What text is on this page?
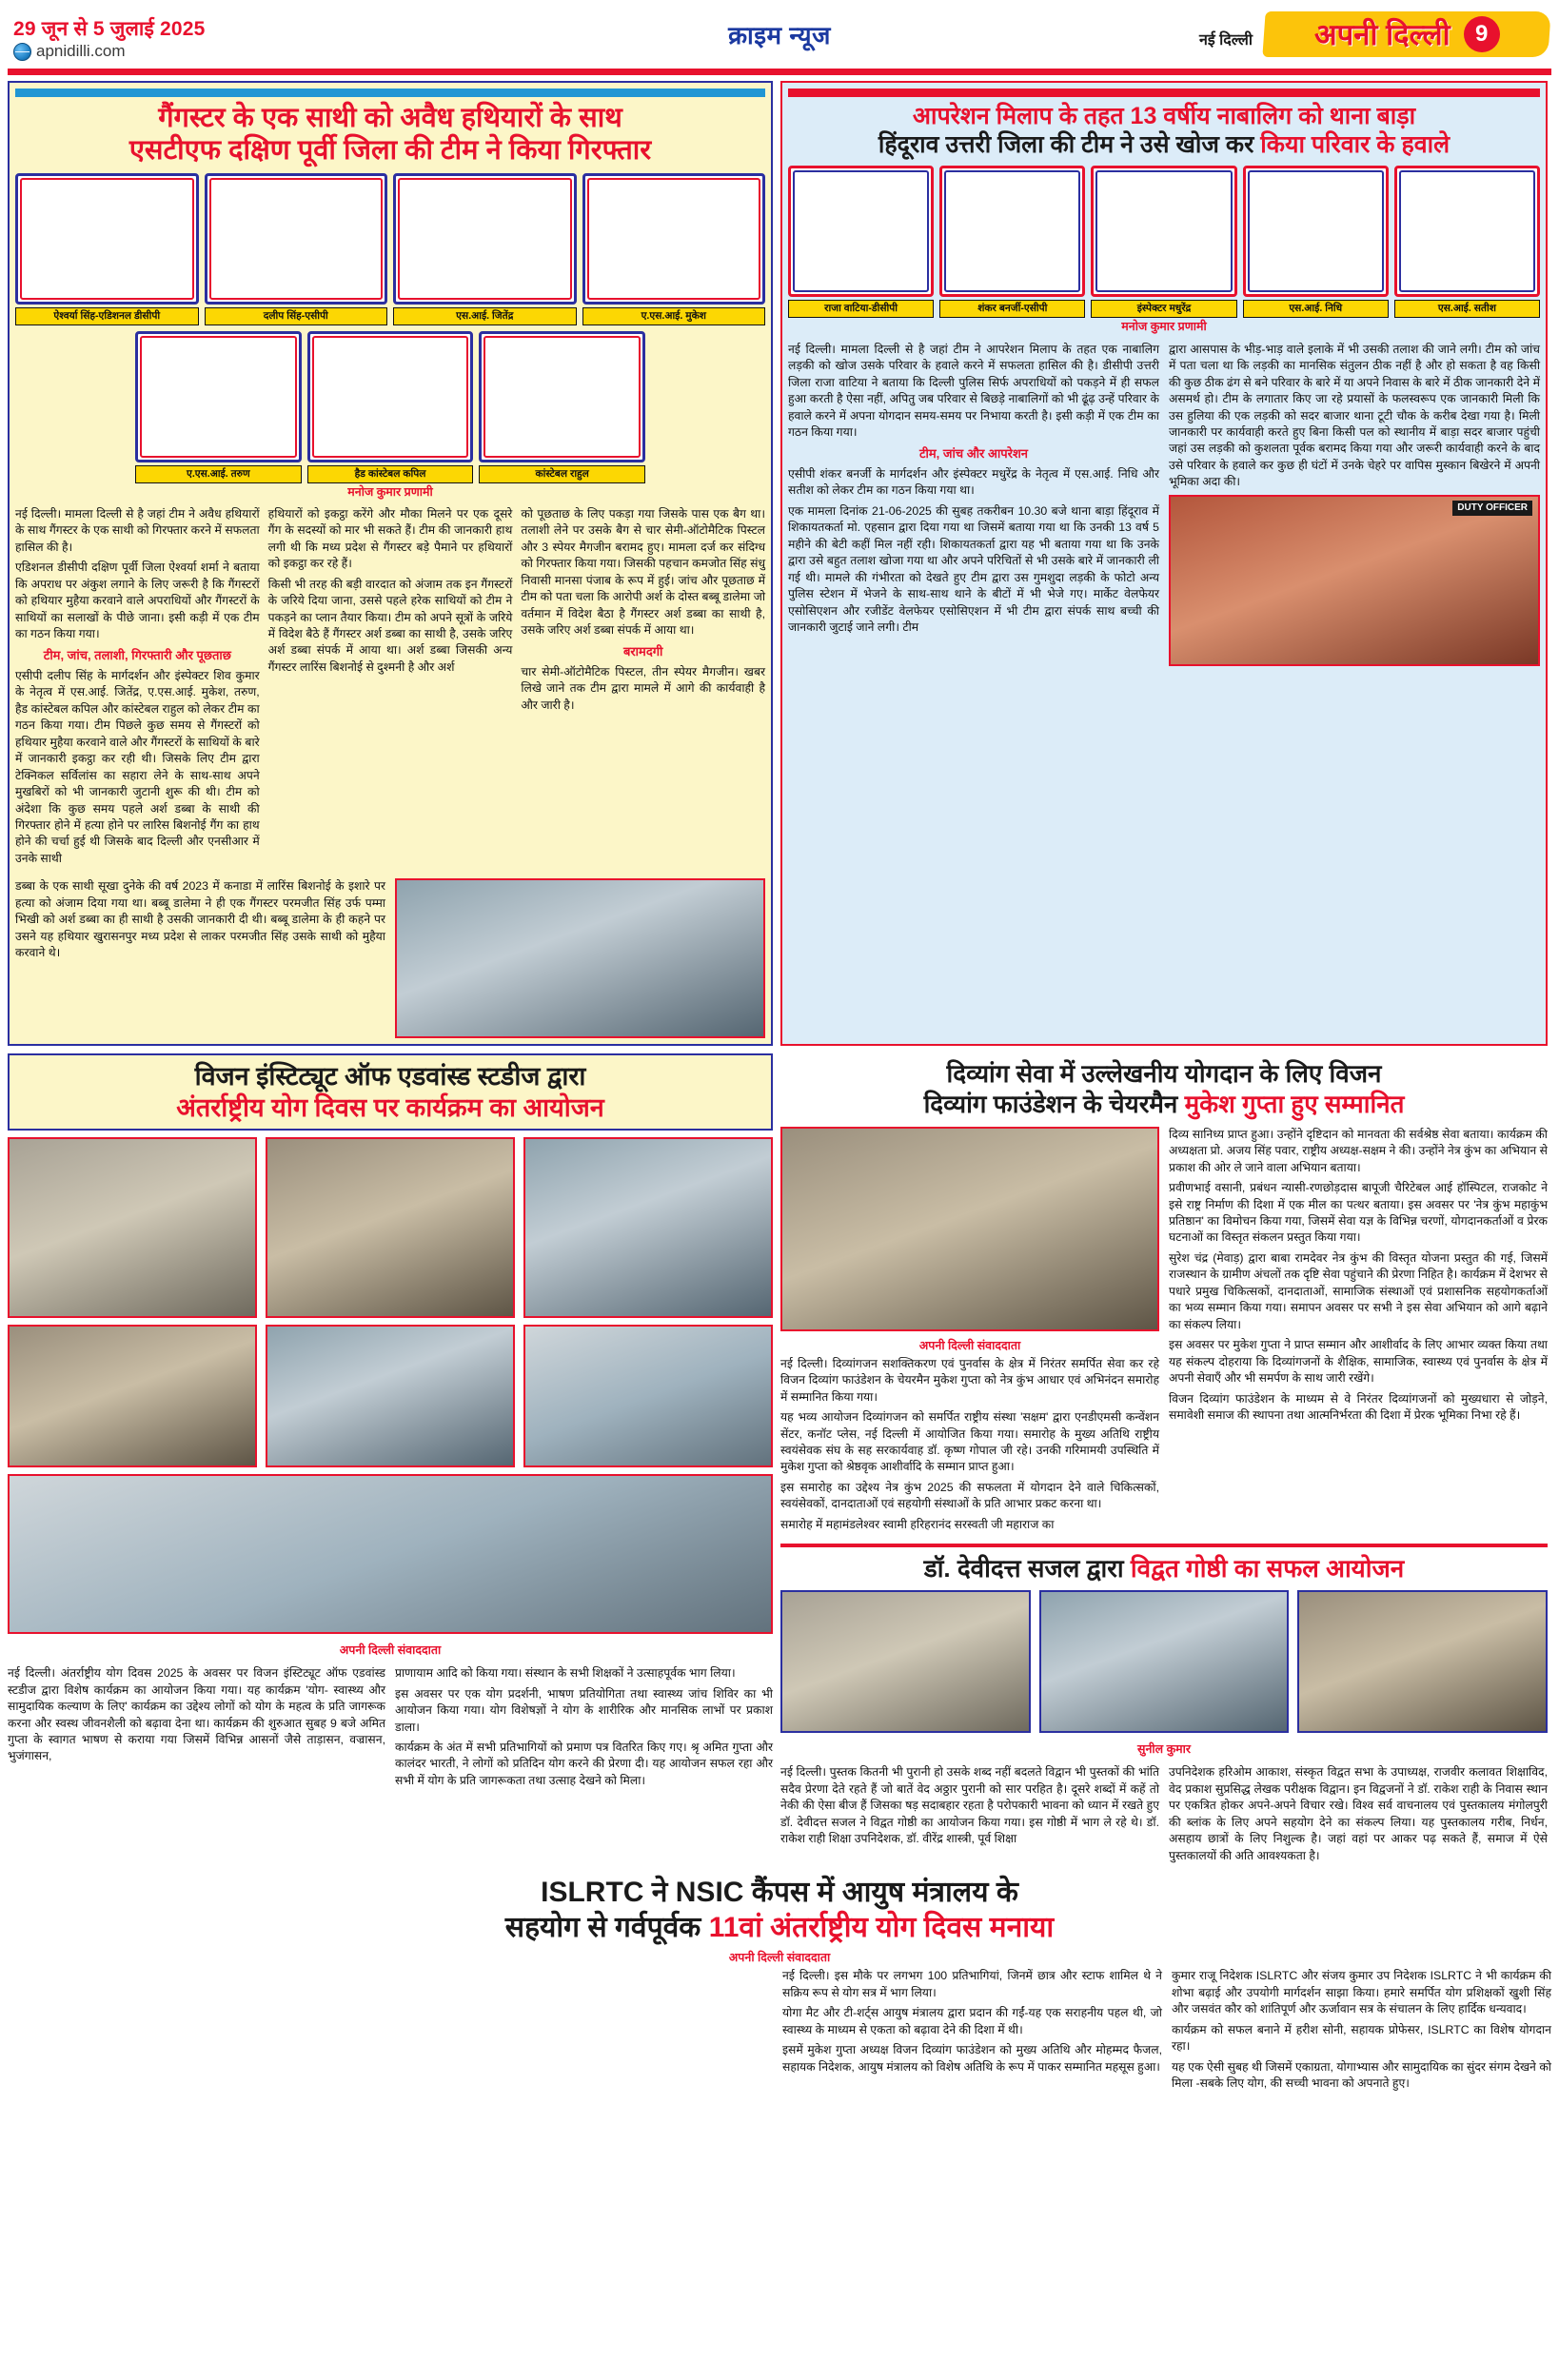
29 जून से 5 जुलाई 2025
apnidilli.com
क्राइम न्यूज	नई दिल्ली अपनी दिल्ली	9
गैंगस्टर के एक साथी को अवैध हथियारों के साथ
एसटीएफ दक्षिण पूर्वी जिला की टीम ने किया गिरफ्तार
ऐश्वर्या सिंह-एडिशनल डीसीपी	दलीप सिंह-एसीपी	एस.आई. जितेंद्र	ए.एस.आई. मुकेश
ए.एस.आई. तरुण	हैड कांस्टेबल कपिल	कांस्टेबल राहुल
मनोज कुमार प्रणामी

नई दिल्ली। मामला दिल्ली से है जहां टीम ने अवैध हथियारों के साथ गैंगस्टर के एक साथी को गिरफ्तार करने में सफलता हासिल की है।

एडिशनल डीसीपी दक्षिण पूर्वी जिला ऐश्वर्या शर्मा ने बताया कि अपराध पर अंकुश लगाने के लिए जरूरी है कि गैंगस्टरों को हथियार मुहैया करवाने वाले अपराधियों और गैंगस्टरों के साथियों का सलाखों के पीछे जाना। इसी कड़ी में एक टीम का गठन किया गया।

टीम, जांच, तलाशी, गिरफ्तारी और पूछताछ

एसीपी दलीप सिंह के मार्गदर्शन और इंस्पेक्टर शिव कुमार के नेतृत्व में एस.आई. जितेंद्र, ए.एस.आई. मुकेश, तरुण, हैड कांस्टेबल कपिल और कांस्टेबल राहुल को लेकर टीम का गठन किया गया। टीम पिछले कुछ समय से गैंगस्टरों को हथियार मुहैया करवाने वाले और गैंगस्टरों के साथियों के बारे में जानकारी इकट्ठा कर रही थी। जिसके लिए टीम द्वारा टेक्निकल सर्विलांस का सहारा लेने के साथ-साथ अपने मुखबिरों को भी जानकारी जुटानी शुरू की थी। टीम को अंदेशा कि कुछ समय पहले अर्श डब्बा के साथी की गिरफ्तार होने में हत्या होने पर लारिस बिशनोई गैंग का हाथ होने की चर्चा हुई थी जिसके बाद दिल्ली और एनसीआर में उनके साथी

हथियारों को इकट्ठा करेंगे और मौका मिलने पर एक दूसरे गैंग के सदस्यों को मार भी सकते हैं। टीम की जानकारी हाथ लगी थी कि मध्य प्रदेश से गैंगस्टर बड़े पैमाने पर हथियारों को इकट्ठा कर रहे हैं।

किसी भी तरह की बड़ी वारदात को अंजाम तक इन गैंगस्टरों के जरिये दिया जाना, उससे पहले हरेक साथियों को टीम ने पकड़ने का प्लान तैयार किया। टीम को अपने सूत्रों के जरिये में विदेश बैठे हैं गैंगस्टर अर्श डब्बा का साथी है, उसके जरिए अर्श डब्बा संपर्क में आया था। अर्श डब्बा जिसकी अन्य गैंगस्टर लारिंस बिशनोई से दुश्मनी है और अर्श

को पूछताछ के लिए पकड़ा गया जिसके पास एक बैग था। तलाशी लेने पर उसके बैग से चार सेमी-ऑटोमैटिक पिस्टल और 3 स्पेयर मैगजीन बरामद हुए। मामला दर्ज कर संदिग्ध को गिरफ्तार किया गया। जिसकी पहचान कमजोत सिंह संधु निवासी मानसा पंजाब के रूप में हुई। जांच और पूछताछ में टीम को पता चला कि आरोपी अर्श के दोस्त बब्बू डालेमा जो वर्तमान में विदेश बैठा है गैंगस्टर अर्श डब्बा का साथी है, उसके जरिए अर्श डब्बा संपर्क में आया था।

बरामदगी

चार सेमी-ऑटोमैटिक पिस्टल, तीन स्पेयर मैगजीन। खबर लिखे जाने तक टीम द्वारा मामले में आगे की कार्यवाही है और जारी है।

डब्बा के एक साथी सूखा दुनेके की वर्ष 2023 में कनाडा में लारिंस बिशनोई के इशारे पर हत्या को अंजाम दिया गया था। बब्बू डालेमा ने ही एक गैंगस्टर परमजीत सिंह उर्फ पम्मा भिखी को अर्श डब्बा का ही साथी है उसकी जानकारी दी थी। बब्बू डालेमा के ही कहने पर उसने यह हथियार खुरासनपुर मध्य प्रदेश से लाकर परमजीत सिंह उसके साथी को मुहैया करवाने थे।

आपरेशन मिलाप के तहत 13 वर्षीय नाबालिग को थाना बाड़ा
हिंदूराव उत्तरी जिला की टीम ने उसे खोज कर किया परिवार के हवाले
राजा वाटिया-डीसीपी	शंकर बनर्जी-एसीपी	इंस्पेक्टर मधुरेंद्र	एस.आई. निधि	एस.आई. सतीश
मनोज कुमार प्रणामी

नई दिल्ली। मामला दिल्ली से है जहां टीम ने आपरेशन मिलाप के तहत एक नाबालिग लड़की को खोज उसके परिवार के हवाले करने में सफलता हासिल की है। डीसीपी उत्तरी जिला राजा वाटिया ने बताया कि दिल्ली पुलिस सिर्फ अपराधियों को पकड़ने में ही सफल हुआ करती है ऐसा नहीं, अपितु जब परिवार से बिछड़े नाबालिगों को भी ढूंढ़ उन्हें परिवार के हवाले करने में अपना योगदान समय-समय पर निभाया करती है। इसी कड़ी में एक टीम का गठन किया गया।

टीम, जांच और आपरेशन

एसीपी शंकर बनर्जी के मार्गदर्शन और इंस्पेक्टर मधुरेंद्र के नेतृत्व में एस.आई. निधि और सतीश को लेकर टीम का गठन किया गया था।

एक मामला दिनांक 21-06-2025 की सुबह तकरीबन 10.30 बजे थाना बाड़ा हिंदूराव में शिकायतकर्ता मो. एहसान द्वारा दिया गया था जिसमें बताया गया था कि उनकी 13 वर्ष 5 महीने की बेटी कहीं मिल नहीं रही। शिकायतकर्ता द्वारा यह भी बताया गया था कि उनके द्वारा उसे बहुत तलाश खोजा गया था और अपने परिचितों से भी उसके बारे में जानकारी ली गई थी। मामले की गंभीरता को देखते हुए टीम द्वारा उस गुमशुदा लड़की के फोटो अन्य पुलिस स्टेशन में भेजने के साथ-साथ थाने के बीटों में भी भेजे गए। मार्केट वेलफेयर एसोसिएशन और रजीडेंट वेलफेयर एसोसिएशन में भी टीम द्वारा संपर्क साथ बच्ची की जानकारी जुटाई जाने लगी। टीम

द्वारा आसपास के भीड़-भाड़ वाले इलाके में भी उसकी तलाश की जाने लगी। टीम को जांच में पता चला था कि लड़की का मानसिक संतुलन ठीक नहीं है और हो सकता है वह किसी की कुछ ठीक ढंग से बने परिवार के बारे में या अपने निवास के बारे में ठीक जानकारी देने में असमर्थ हो। टीम के लगातार किए जा रहे प्रयासों के फलस्वरूप एक जानकारी मिली कि उस हुलिया की एक लड़की को सदर बाजार थाना टूटी चौक के करीब देखा गया है। मिली जानकारी पर कार्यवाही करते हुए बिना किसी पल को स्थानीय में बाड़ा सदर बाजार पहुंची जहां उस लड़की को कुशलता पूर्वक बरामद किया गया और जरूरी कार्यवाही करने के बाद उसे परिवार के हवाले कर कुछ ही घंटों में उनके चेहरे पर वापिस मुस्कान बिखेरने में अपनी भूमिका अदा की।

DUTY OFFICER
विजन इंस्टिट्यूट ऑफ एडवांस्ड स्टडीज द्वारा
अंतर्राष्ट्रीय योग दिवस पर कार्यक्रम का आयोजन
अपनी दिल्ली संवाददाता

नई दिल्ली। अंतर्राष्ट्रीय योग दिवस 2025 के अवसर पर विजन इंस्टिट्यूट ऑफ एडवांस्ड स्टडीज द्वारा विशेष कार्यक्रम का आयोजन किया गया। यह कार्यक्रम 'योग- स्वास्थ्य और सामुदायिक कल्याण के लिए' कार्यक्रम का उद्देश्य लोगों को योग के महत्व के प्रति जागरूक करना और स्वस्थ जीवनशैली को बढ़ावा देना था। कार्यक्रम की शुरुआत सुबह 9 बजे अमित गुप्ता के स्वागत भाषण से कराया गया जिसमें विभिन्न आसनों जैसे ताड़ासन, वज्रासन, भुजंगासन,

प्राणायाम आदि को किया गया। संस्थान के सभी शिक्षकों ने उत्साहपूर्वक भाग लिया।

इस अवसर पर एक योग प्रदर्शनी, भाषण प्रतियोगिता तथा स्वास्थ्य जांच शिविर का भी आयोजन किया गया। योग विशेषज्ञों ने योग के शारीरिक और मानसिक लाभों पर प्रकाश डाला।

कार्यक्रम के अंत में सभी प्रतिभागियों को प्रमाण पत्र वितरित किए गए। श्रृ अमित गुप्ता और कालंदर भारती, ने लोगों को प्रतिदिन योग करने की प्रेरणा दी। यह आयोजन सफल रहा और सभी में योग के प्रति जागरूकता तथा उत्साह देखने को मिला।

दिव्यांग सेवा में उल्लेखनीय योगदान के लिए विजन
दिव्यांग फाउंडेशन के चेयरमैन मुकेश गुप्ता हुए सम्मानित
अपनी दिल्ली संवाददाता

नई दिल्ली। दिव्यांगजन सशक्तिकरण एवं पुनर्वास के क्षेत्र में निरंतर समर्पित सेवा कर रहे विजन दिव्यांग फाउंडेशन के चेयरमैन मुकेश गुप्ता को नेत्र कुंभ आधार एवं अभिनंदन समारोह में सम्मानित किया गया।

यह भव्य आयोजन दिव्यांगजन को समर्पित राष्ट्रीय संस्था 'सक्षम' द्वारा एनडीएमसी कन्वेंशन सेंटर, कनॉट प्लेस, नई दिल्ली में आयोजित किया गया। समारोह के मुख्य अतिथि राष्ट्रीय स्वयंसेवक संघ के सह सरकार्यवाह डॉ. कृष्ण गोपाल जी रहे। उनकी गरिमामयी उपस्थिति में मुकेश गुप्ता को श्रेष्ठवृक आशीर्वादि के सम्मान प्राप्त हुआ।

इस समारोह का उद्देश्य नेत्र कुंभ 2025 की सफलता में योगदान देने वाले चिकित्सकों, स्वयंसेवकों, दानदाताओं एवं सहयोगी संस्थाओं के प्रति आभार प्रकट करना था।

समारोह में महामंडलेश्वर स्वामी हरिहरानंद सरस्वती जी महाराज का

दिव्य सानिध्य प्राप्त हुआ। उन्होंने दृष्टिदान को मानवता की सर्वश्रेष्ठ सेवा बताया। कार्यक्रम की अध्यक्षता प्रो. अजय सिंह पवार, राष्ट्रीय अध्यक्ष-सक्षम ने की। उन्होंने नेत्र कुंभ का अभियान से प्रकाश की ओर ले जाने वाला अभियान बताया।

प्रवीणभाई वसानी, प्रबंधन न्यासी-रणछोड़दास बापूजी चैरिटेबल आई हॉस्पिटल, राजकोट ने इसे राष्ट्र निर्माण की दिशा में एक मील का पत्थर बताया। इस अवसर पर 'नेत्र कुंभ महाकुंभ प्रतिष्ठान' का विमोचन किया गया, जिसमें सेवा यज्ञ के विभिन्न चरणों, योगदानकर्ताओं व प्रेरक घटनाओं का विस्तृत संकलन प्रस्तुत किया गया।

सुरेश चंद्र (मेवाड़) द्वारा बाबा रामदेवर नेत्र कुंभ की विस्तृत योजना प्रस्तुत की गई, जिसमें राजस्थान के ग्रामीण अंचलों तक दृष्टि सेवा पहुंचाने की प्रेरणा निहित है। कार्यक्रम में देशभर से पधारे प्रमुख चिकित्सकों, दानदाताओं, सामाजिक संस्थाओं एवं प्रशासनिक सहयोगकर्ताओं का भव्य सम्मान किया गया। समापन अवसर पर सभी ने इस सेवा अभियान को आगे बढ़ाने का संकल्प लिया।

इस अवसर पर मुकेश गुप्ता ने प्राप्त सम्मान और आशीर्वाद के लिए आभार व्यक्त किया तथा यह संकल्प दोहराया कि दिव्यांगजनों के शैक्षिक, सामाजिक, स्वास्थ्य एवं पुनर्वास के क्षेत्र में अपनी सेवाएँ और भी समर्पण के साथ जारी रखेंगे।

विजन दिव्यांग फाउंडेशन के माध्यम से वे निरंतर दिव्यांगजनों को मुख्यधारा से जोड़ने, समावेशी समाज की स्थापना तथा आत्मनिर्भरता की दिशा में प्रेरक भूमिका निभा रहे हैं।

डॉ. देवीदत्त सजल द्वारा विद्वत गोष्ठी का सफल आयोजन
सुनील कुमार

नई दिल्ली। पुस्तक कितनी भी पुरानी हो उसके शब्द नहीं बदलते विद्वान भी पुस्तकों की भांति सदैव प्रेरणा देते रहते हैं जो बातें वेद अठ्ठार पुरानी को सार परहित है। दूसरे शब्दों में कहें तो नेकी की ऐसा बीज हैं जिसका षड़ सदाबहार रहता है परोपकारी भावना को ध्यान में रखते हुए डॉ. देवीदत्त सजल ने विद्वत गोष्ठी का आयोजन किया गया। इस गोष्ठी में भाग ले रहे थे। डॉ. राकेश राही शिक्षा उपनिदेशक, डॉ. वीरेंद्र शास्त्री, पूर्व शिक्षा

उपनिदेशक हरिओम आकाश, संस्कृत विद्वत सभा के उपाध्यक्ष, राजवीर कलावत शिक्षाविद, वेद प्रकाश सुप्रसिद्ध लेखक परीक्षक विद्वान। इन विद्वजनों ने डॉ. राकेश राही के निवास स्थान पर एकत्रित होकर अपने-अपने विचार रखे। विश्व सर्व वाचनालय एवं पुस्तकालय मंगोलपुरी की ब्लांक के लिए अपने सहयोग देने का संकल्प लिया। यह पुस्तकालय गरीब, निर्धन, असहाय छात्रों के लिए निशुल्क है। जहां वहां पर आकर पढ़ सकते हैं, समाज में ऐसे पुस्तकालयों की अति आवश्यकता है।

ISLRTC ने NSIC कैंपस में आयुष मंत्रालय के
सहयोग से गर्वपूर्वक 11वां अंतर्राष्ट्रीय योग दिवस मनाया
अपनी दिल्ली संवाददाता

नई दिल्ली। इस मौके पर लगभग 100 प्रतिभागियां, जिनमें छात्र और स्टाफ शामिल थे ने सक्रिय रूप से योग सत्र में भाग लिया।

योगा मैट और टी-शर्ट्स आयुष मंत्रालय द्वारा प्रदान की गईं-यह एक सराहनीय पहल थी, जो स्वास्थ्य के माध्यम से एकता को बढ़ावा देने की दिशा में थी।

इसमें मुकेश गुप्ता अध्यक्ष विजन दिव्यांग फाउंडेशन को मुख्य अतिथि और मोहम्मद फैजल, सहायक निदेशक, आयुष मंत्रालय को विशेष अतिथि के रूप में पाकर सम्मानित महसूस हुआ।

कुमार राजू निदेशक ISLRTC और संजय कुमार उप निदेशक ISLRTC ने भी कार्यक्रम की शोभा बढ़ाई और उपयोगी मार्गदर्शन साझा किया। हमारे समर्पित योग प्रशिक्षकों खुशी सिंह और जसवंत कौर को शांतिपूर्ण और ऊर्जावान सत्र के संचालन के लिए हार्दिक धन्यवाद।

कार्यक्रम को सफल बनाने में हरीश सोनी, सहायक प्रोफेसर, ISLRTC का विशेष योगदान रहा।

यह एक ऐसी सुबह थी जिसमें एकाग्रता, योगाभ्यास और सामुदायिक का सुंदर संगम देखने को मिला -सबके लिए योग, की सच्ची भावना को अपनाते हुए।
